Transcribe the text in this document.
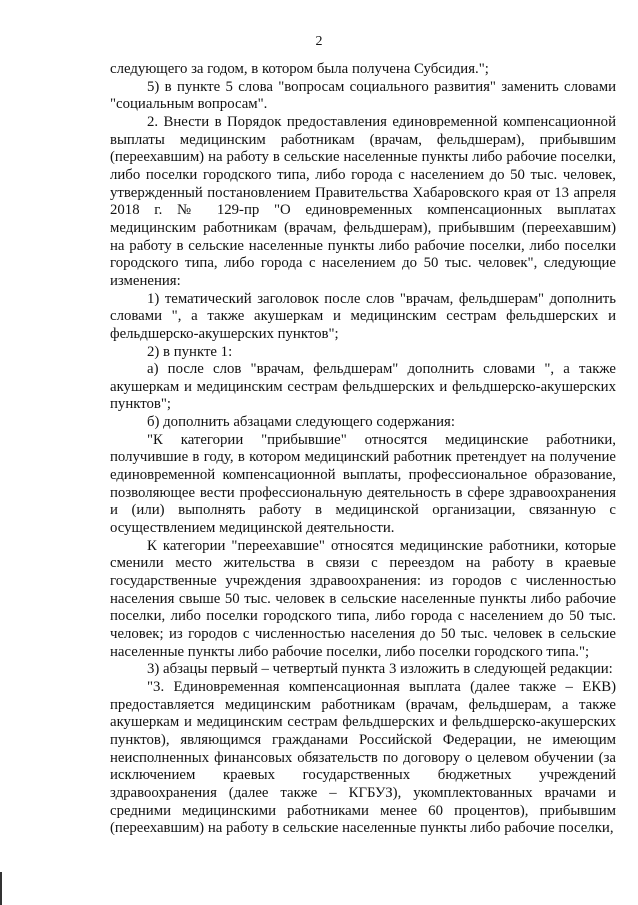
2

следующего за годом, в котором была получена Субсидия.";

5) в пункте 5 слова "вопросам социального развития" заменить словами "социальным вопросам".

2. Внести в Порядок предоставления единовременной компенсационной выплаты медицинским работникам (врачам, фельдшерам), прибывшим (переехавшим) на работу в сельские населенные пункты либо рабочие поселки, либо поселки городского типа, либо города с населением до 50 тыс. человек, утвержденный постановлением Правительства Хабаровского края от 13 апреля 2018 г. № 129-пр "О единовременных компенсационных выплатах медицинским работникам (врачам, фельдшерам), прибывшим (переехавшим) на работу в сельские населенные пункты либо рабочие поселки, либо поселки городского типа, либо города с населением до 50 тыс. человек", следующие изменения:

1) тематический заголовок после слов "врачам, фельдшерам" дополнить словами ", а также акушеркам и медицинским сестрам фельдшерских и фельдшерско-акушерских пунктов";

2) в пункте 1:

а) после слов "врачам, фельдшерам" дополнить словами ", а также акушеркам и медицинским сестрам фельдшерских и фельдшерско-акушерских пунктов";

б) дополнить абзацами следующего содержания:

"К категории "прибывшие" относятся медицинские работники, получившие в году, в котором медицинский работник претендует на получение единовременной компенсационной выплаты, профессиональное образование, позволяющее вести профессиональную деятельность в сфере здравоохранения и (или) выполнять работу в медицинской организации, связанную с осуществлением медицинской деятельности.

К категории "переехавшие" относятся медицинские работники, которые сменили место жительства в связи с переездом на работу в краевые государственные учреждения здравоохранения: из городов с численностью населения свыше 50 тыс. человек в сельские населенные пункты либо рабочие поселки, либо поселки городского типа, либо города с населением до 50 тыс. человек; из городов с численностью населения до 50 тыс. человек в сельские населенные пункты либо рабочие поселки, либо поселки городского типа.";

3) абзацы первый – четвертый пункта 3 изложить в следующей редакции:

"3. Единовременная компенсационная выплата (далее также – ЕКВ) предоставляется медицинским работникам (врачам, фельдшерам, а также акушеркам и медицинским сестрам фельдшерских и фельдшерско-акушерских пунктов), являющимся гражданами Российской Федерации, не имеющим неисполненных финансовых обязательств по договору о целевом обучении (за исключением краевых государственных бюджетных учреждений здравоохранения (далее также – КГБУЗ), укомплектованных врачами и средними медицинскими работниками менее 60 процентов), прибывшим (переехавшим) на работу в сельские населенные пункты либо рабочие поселки,
